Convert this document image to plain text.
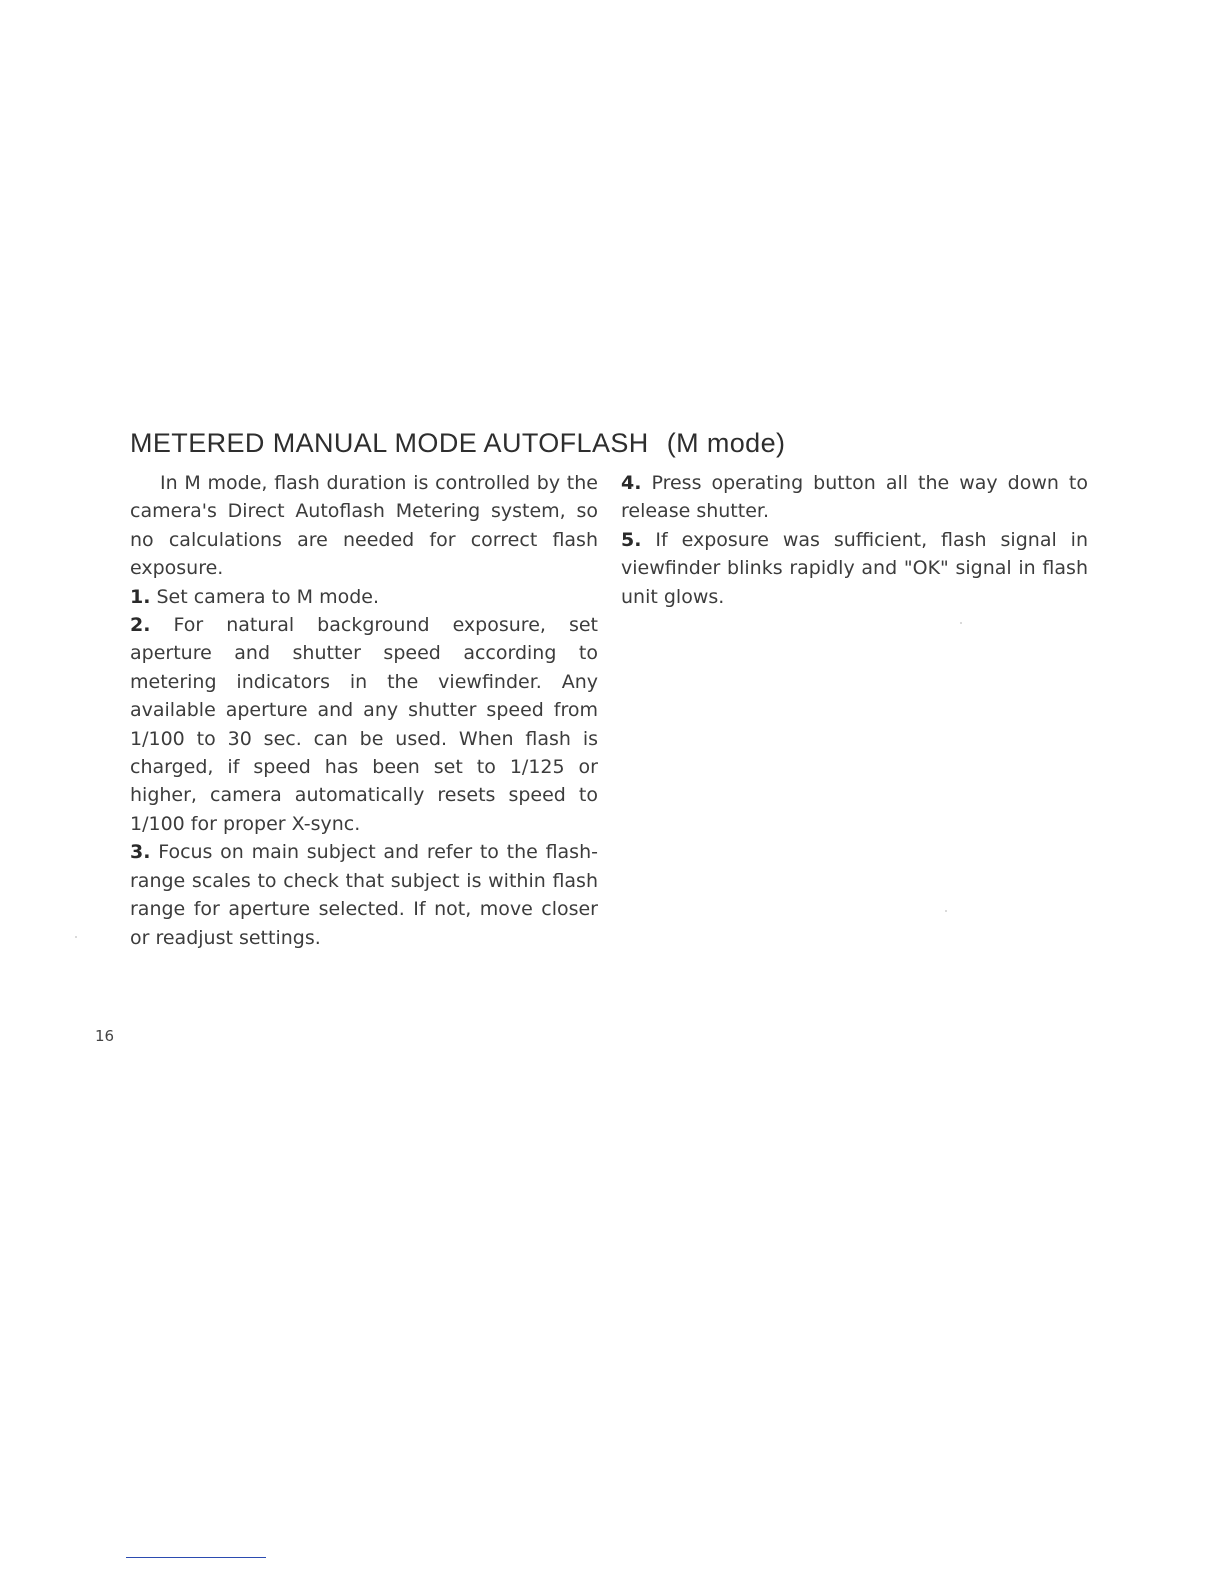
METERED MANUAL MODE AUTOFLASH (M mode)

In M mode, flash duration is controlled by the camera's Direct Autoflash Metering system, so no calculations are needed for correct flash exposure.

1. Set camera to M mode.

2. For natural background exposure, set aperture and shutter speed according to metering indicators in the viewfinder. Any available aperture and any shutter speed from 1/100 to 30 sec. can be used. When flash is charged, if speed has been set to 1/125 or higher, camera automatically resets speed to 1/100 for proper X-sync.

3. Focus on main subject and refer to the flash-range scales to check that subject is within flash range for aperture selected. If not, move closer or readjust settings.

4. Press operating button all the way down to release shutter.

5. If exposure was sufficient, flash signal in viewfinder blinks rapidly and "OK" signal in flash unit glows.

16
